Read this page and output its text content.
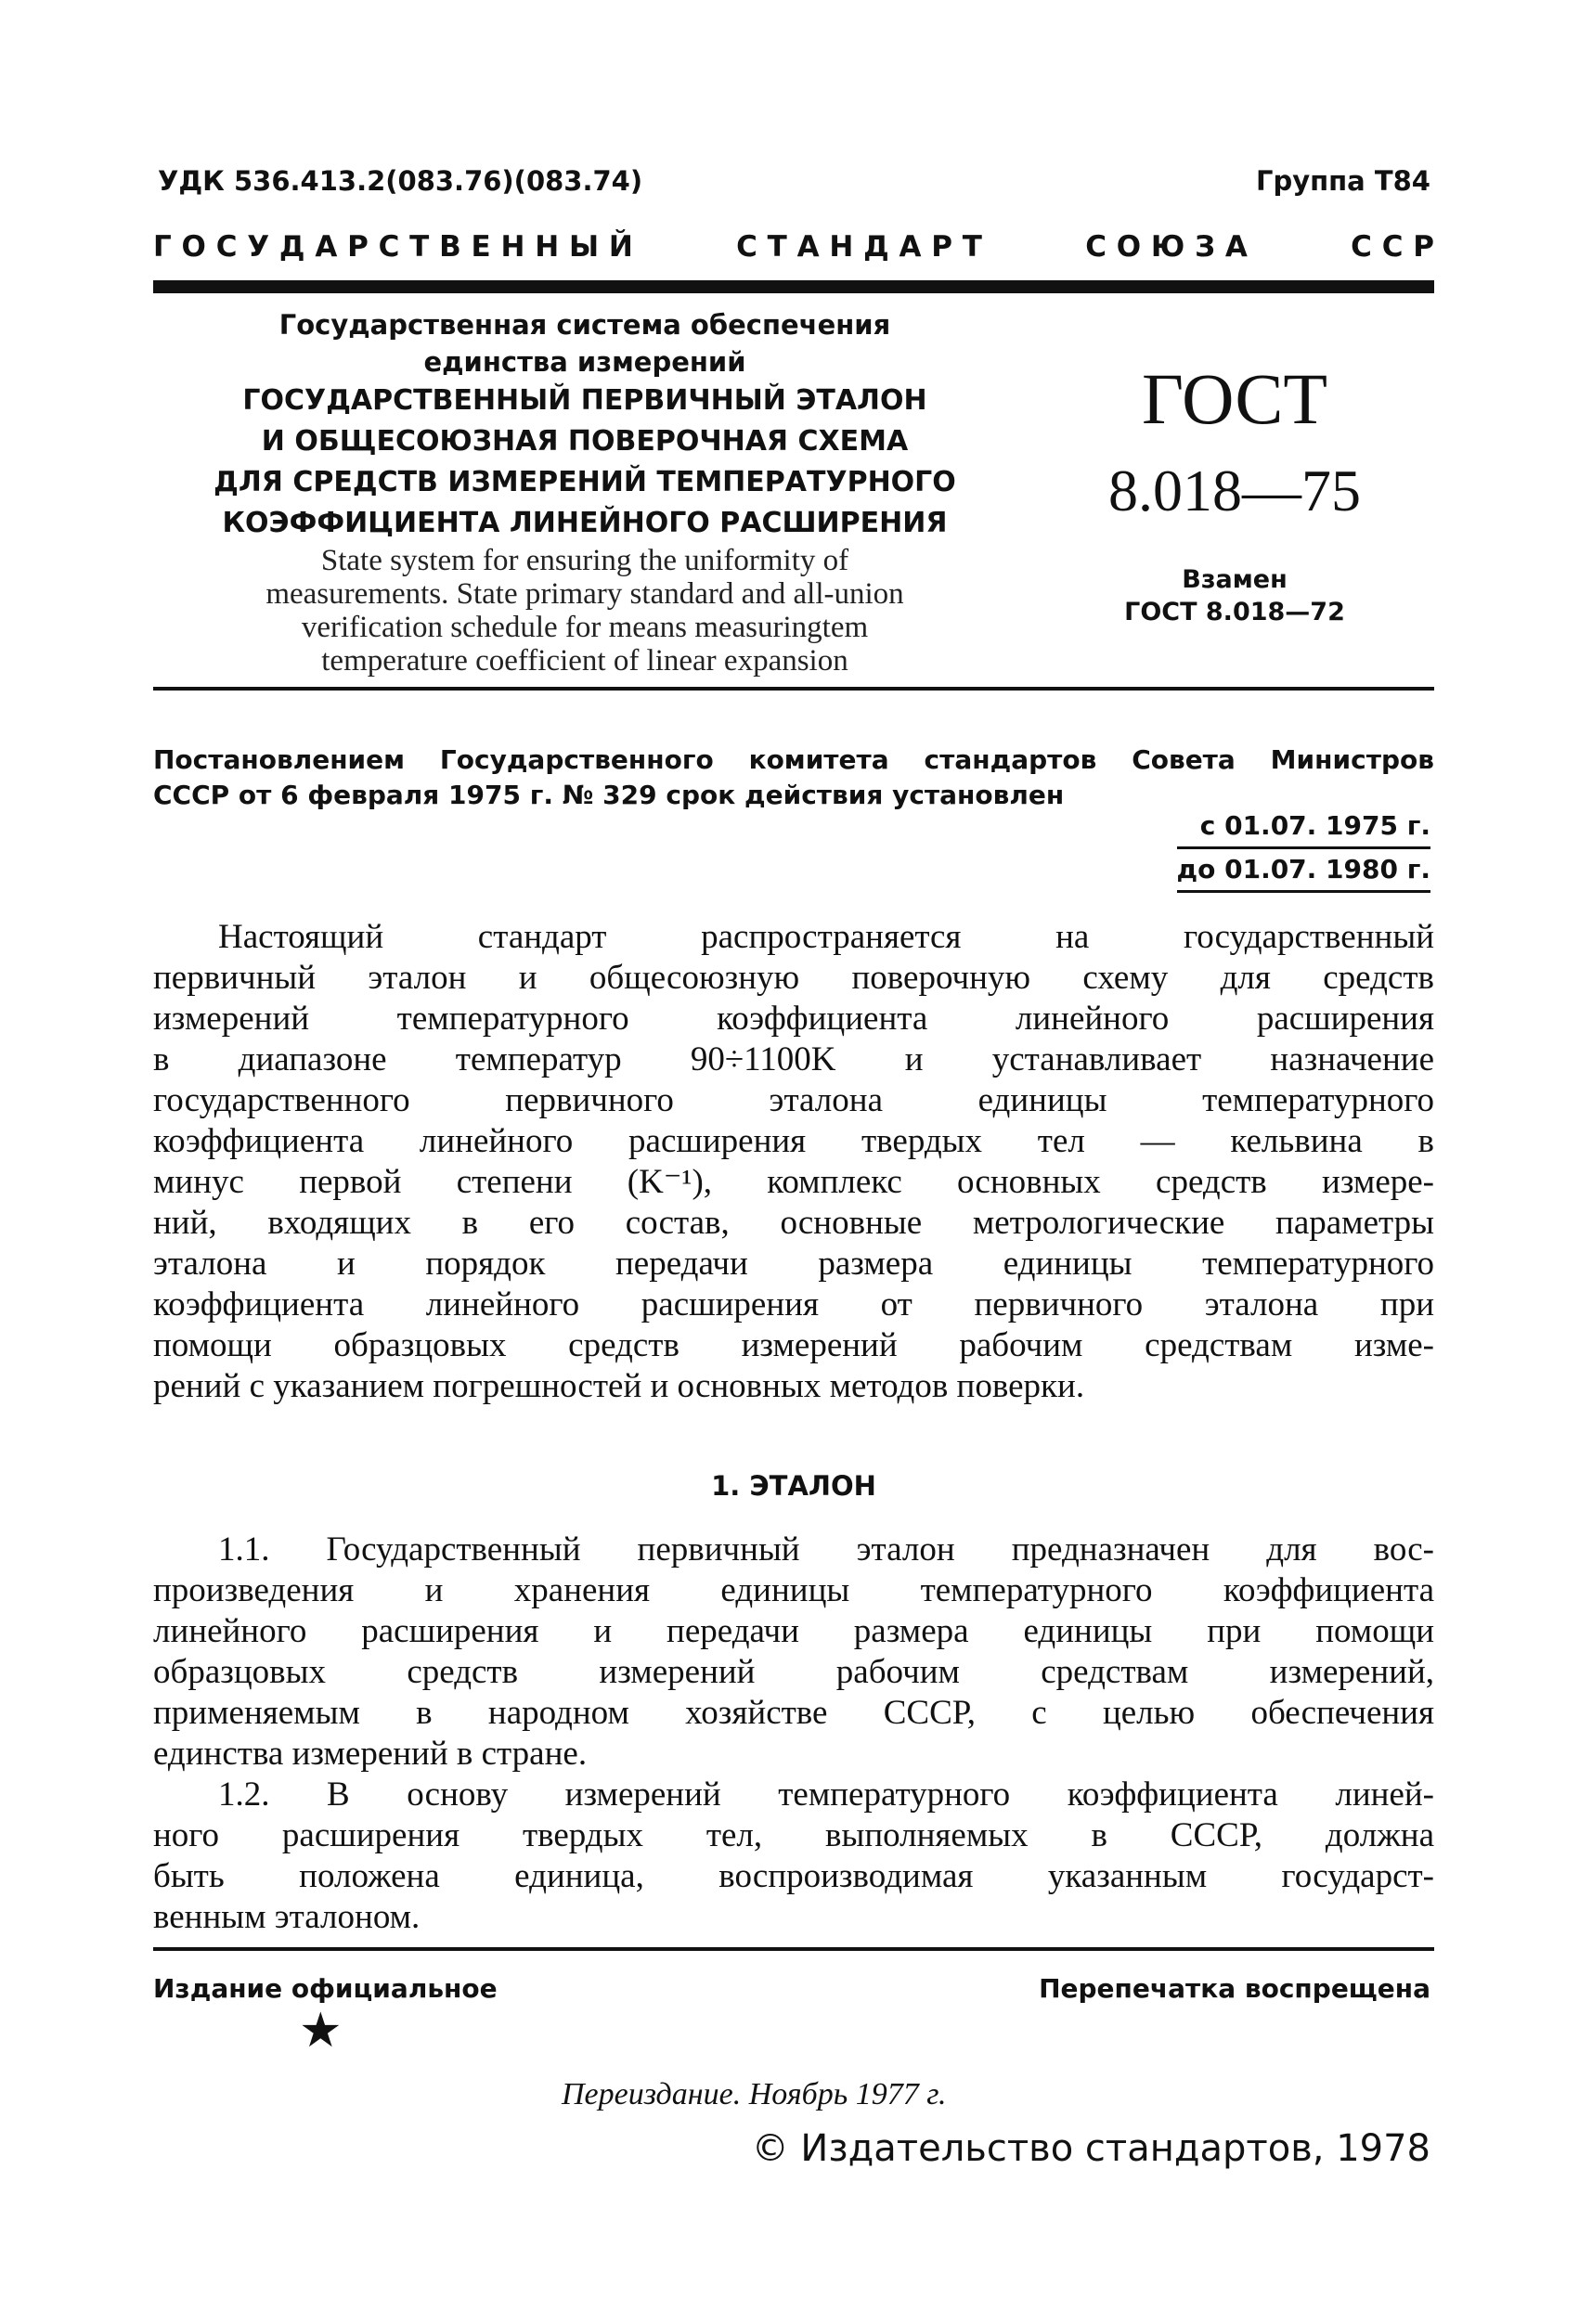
УДК 536.413.2(083.76)(083.74)	Группа Т84
Г О С У Д А Р С Т В Е Н Н Ы Й	С Т А Н Д А Р Т	С О Ю З А	С С Р
Государственная система обеспечения
единства измерений
ГОСУДАРСТВЕННЫЙ ПЕРВИЧНЫЙ ЭТАЛОН
И ОБЩЕСОЮЗНАЯ ПОВЕРОЧНАЯ СХЕМА
ДЛЯ СРЕДСТВ ИЗМЕРЕНИЙ ТЕМПЕРАТУРНОГО
КОЭФФИЦИЕНТА ЛИНЕЙНОГО РАСШИРЕНИЯ
State system for ensuring the uniformity of
measurements. State primary standard and all-union
verification schedule for means measuringtem
temperature coefficient of linear expansion
ГОСТ
8.018—75
Взамен
ГОСТ 8.018—72
Постановлением Государственного комитета стандартов Совета Министров
СССР от 6 февраля 1975 г. № 329 срок действия установлен
с 01.07. 1975 г.
до 01.07. 1980 г.
Настоящий стандарт распространяется на государственный
первичный эталон и общесоюзную поверочную схему для средств
измерений температурного коэффициента линейного расширения
в диапазоне температур 90÷1100K и устанавливает назначение
государственного первичного эталона единицы температурного
коэффициента линейного расширения твердых тел — кельвина в
минус первой степени (K⁻¹), комплекс основных средств измере-
ний, входящих в его состав, основные метрологические параметры
эталона и порядок передачи размера единицы температурного
коэффициента линейного расширения от первичного эталона при
помощи образцовых средств измерений рабочим средствам изме-
рений с указанием погрешностей и основных методов поверки.
1. ЭТАЛОН
1.1. Государственный первичный эталон предназначен для вос-
произведения и хранения единицы температурного коэффициента
линейного расширения и передачи размера единицы при помощи
образцовых средств измерений рабочим средствам измерений,
применяемым в народном хозяйстве СССР, с целью обеспечения
единства измерений в стране.
1.2. В основу измерений температурного коэффициента линей-
ного расширения твердых тел, выполняемых в СССР, должна
быть положена единица, воспроизводимая указанным государст-
венным эталоном.
Издание официальное	Перепечатка воспрещена
★
Переиздание. Ноябрь 1977 г.
© Издательство стандартов, 1978
